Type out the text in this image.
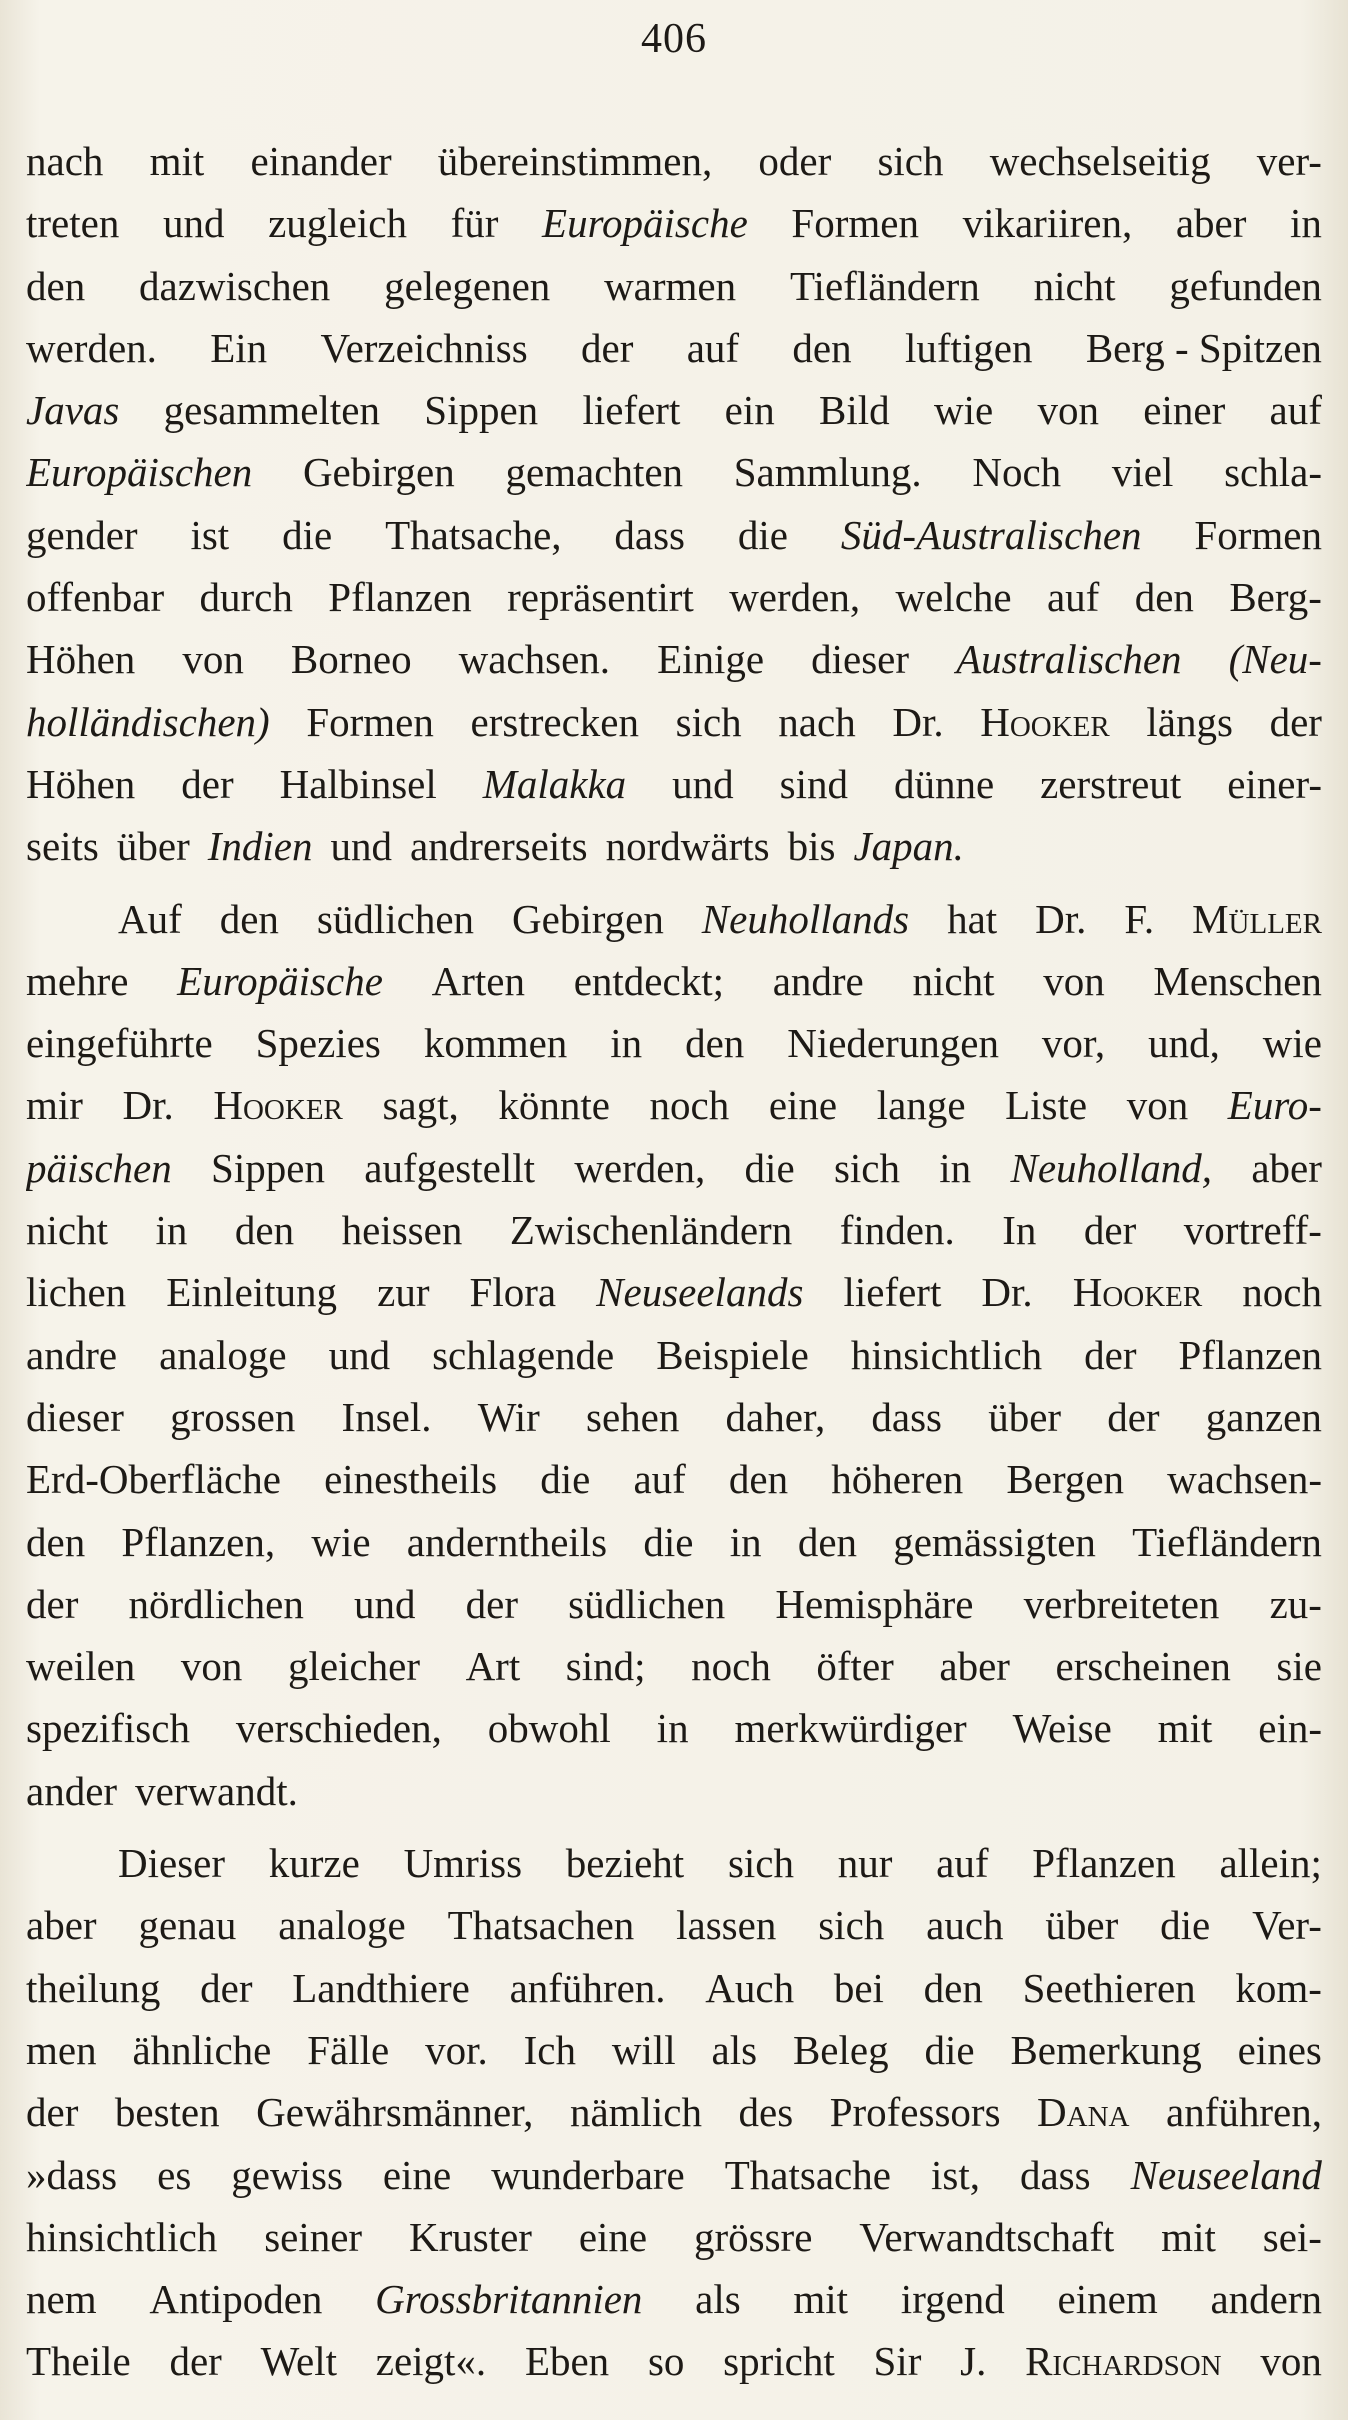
406
nach mit einander übereinstimmen, oder sich wechselseitig ver-
treten und zugleich für Europäische Formen vikariiren, aber in
den dazwischen gelegenen warmen Tiefländern nicht gefunden
werden. Ein Verzeichniss der auf den luftigen Berg - Spitzen
Javas gesammelten Sippen liefert ein Bild wie von einer auf
Europäischen Gebirgen gemachten Sammlung. Noch viel schla-
gender ist die Thatsache, dass die Süd-Australischen Formen
offenbar durch Pflanzen repräsentirt werden, welche auf den Berg-
Höhen von Borneo wachsen. Einige dieser Australischen (Neu-
holländischen) Formen erstrecken sich nach Dr. Hooker längs der
Höhen der Halbinsel Malakka und sind dünne zerstreut einer-
seits über Indien und andrerseits nordwärts bis Japan.
Auf den südlichen Gebirgen Neuhollands hat Dr. F. Müller
mehre Europäische Arten entdeckt; andre nicht von Menschen
eingeführte Spezies kommen in den Niederungen vor, und, wie
mir Dr. Hooker sagt, könnte noch eine lange Liste von Euro-
päischen Sippen aufgestellt werden, die sich in Neuholland, aber
nicht in den heissen Zwischenländern finden. In der vortreff-
lichen Einleitung zur Flora Neuseelands liefert Dr. Hooker noch
andre analoge und schlagende Beispiele hinsichtlich der Pflanzen
dieser grossen Insel. Wir sehen daher, dass über der ganzen
Erd-Oberfläche einestheils die auf den höheren Bergen wachsen-
den Pflanzen, wie anderntheils die in den gemässigten Tiefländern
der nördlichen und der südlichen Hemisphäre verbreiteten zu-
weilen von gleicher Art sind; noch öfter aber erscheinen sie
spezifisch verschieden, obwohl in merkwürdiger Weise mit ein-
ander verwandt.
Dieser kurze Umriss bezieht sich nur auf Pflanzen allein;
aber genau analoge Thatsachen lassen sich auch über die Ver-
theilung der Landthiere anführen. Auch bei den Seethieren kom-
men ähnliche Fälle vor. Ich will als Beleg die Bemerkung eines
der besten Gewährsmänner, nämlich des Professors Dana anführen,
»dass es gewiss eine wunderbare Thatsache ist, dass Neuseeland
hinsichtlich seiner Kruster eine grössre Verwandtschaft mit sei-
nem Antipoden Grossbritannien als mit irgend einem andern
Theile der Welt zeigt«. Eben so spricht Sir J. Richardson von
